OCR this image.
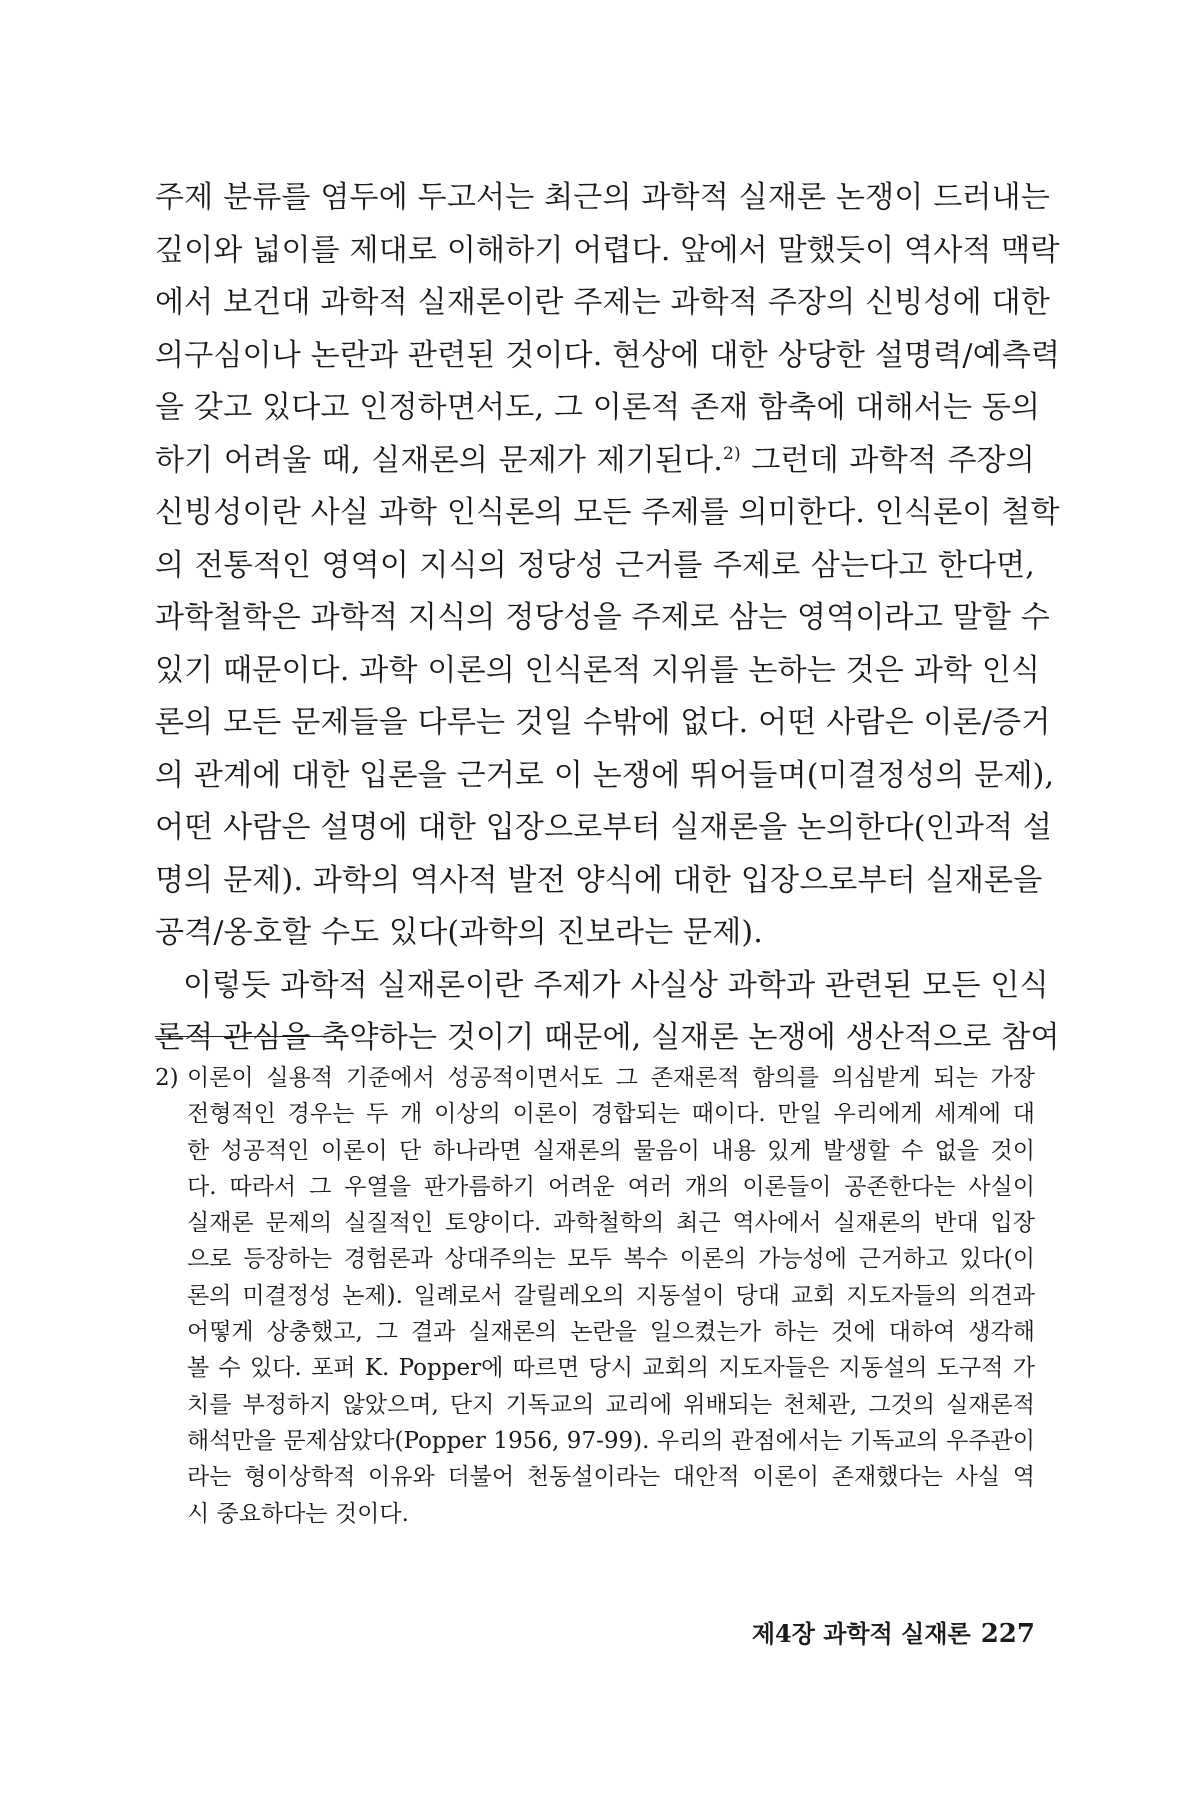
주제 분류를 염두에 두고서는 최근의 과학적 실재론 논쟁이 드러내는
깊이와 넓이를 제대로 이해하기 어렵다. 앞에서 말했듯이 역사적 맥락
에서 보건대 과학적 실재론이란 주제는 과학적 주장의 신빙성에 대한
의구심이나 논란과 관련된 것이다. 현상에 대한 상당한 설명력/예측력
을 갖고 있다고 인정하면서도, 그 이론적 존재 함축에 대해서는 동의
하기 어려울 때, 실재론의 문제가 제기된다.$^{2)}$ 그런데 과학적 주장의
신빙성이란 사실 과학 인식론의 모든 주제를 의미한다. 인식론이 철학
의 전통적인 영역이 지식의 정당성 근거를 주제로 삼는다고 한다면,
과학철학은 과학적 지식의 정당성을 주제로 삼는 영역이라고 말할 수
있기 때문이다. 과학 이론의 인식론적 지위를 논하는 것은 과학 인식
론의 모든 문제들을 다루는 것일 수밖에 없다. 어떤 사람은 이론/증거
의 관계에 대한 입론을 근거로 이 논쟁에 뛰어들며(미결정성의 문제),
어떤 사람은 설명에 대한 입장으로부터 실재론을 논의한다(인과적 설
명의 문제). 과학의 역사적 발전 양식에 대한 입장으로부터 실재론을
공격/옹호할 수도 있다(과학의 진보라는 문제).
이렇듯 과학적 실재론이란 주제가 사실상 과학과 관련된 모든 인식
론적 관심을 축약하는 것이기 때문에, 실재론 논쟁에 생산적으로 참여
2) 이론이 실용적 기준에서 성공적이면서도 그 존재론적 함의를 의심받게 되는 가장
전형적인 경우는 두 개 이상의 이론이 경합되는 때이다. 만일 우리에게 세계에 대
한 성공적인 이론이 단 하나라면 실재론의 물음이 내용 있게 발생할 수 없을 것이
다. 따라서 그 우열을 판가름하기 어려운 여러 개의 이론들이 공존한다는 사실이
실재론 문제의 실질적인 토양이다. 과학철학의 최근 역사에서 실재론의 반대 입장
으로 등장하는 경험론과 상대주의는 모두 복수 이론의 가능성에 근거하고 있다(이
론의 미결정성 논제). 일례로서 갈릴레오의 지동설이 당대 교회 지도자들의 의견과
어떻게 상충했고, 그 결과 실재론의 논란을 일으켰는가 하는 것에 대하여 생각해
볼 수 있다. 포퍼 K. Popper에 따르면 당시 교회의 지도자들은 지동설의 도구적 가
치를 부정하지 않았으며, 단지 기독교의 교리에 위배되는 천체관, 그것의 실재론적
해석만을 문제삼았다(Popper 1956, 97-99). 우리의 관점에서는 기독교의 우주관이
라는 형이상학적 이유와 더불어 천동설이라는 대안적 이론이 존재했다는 사실 역
시 중요하다는 것이다.
제4장 과학적 실재론 227
